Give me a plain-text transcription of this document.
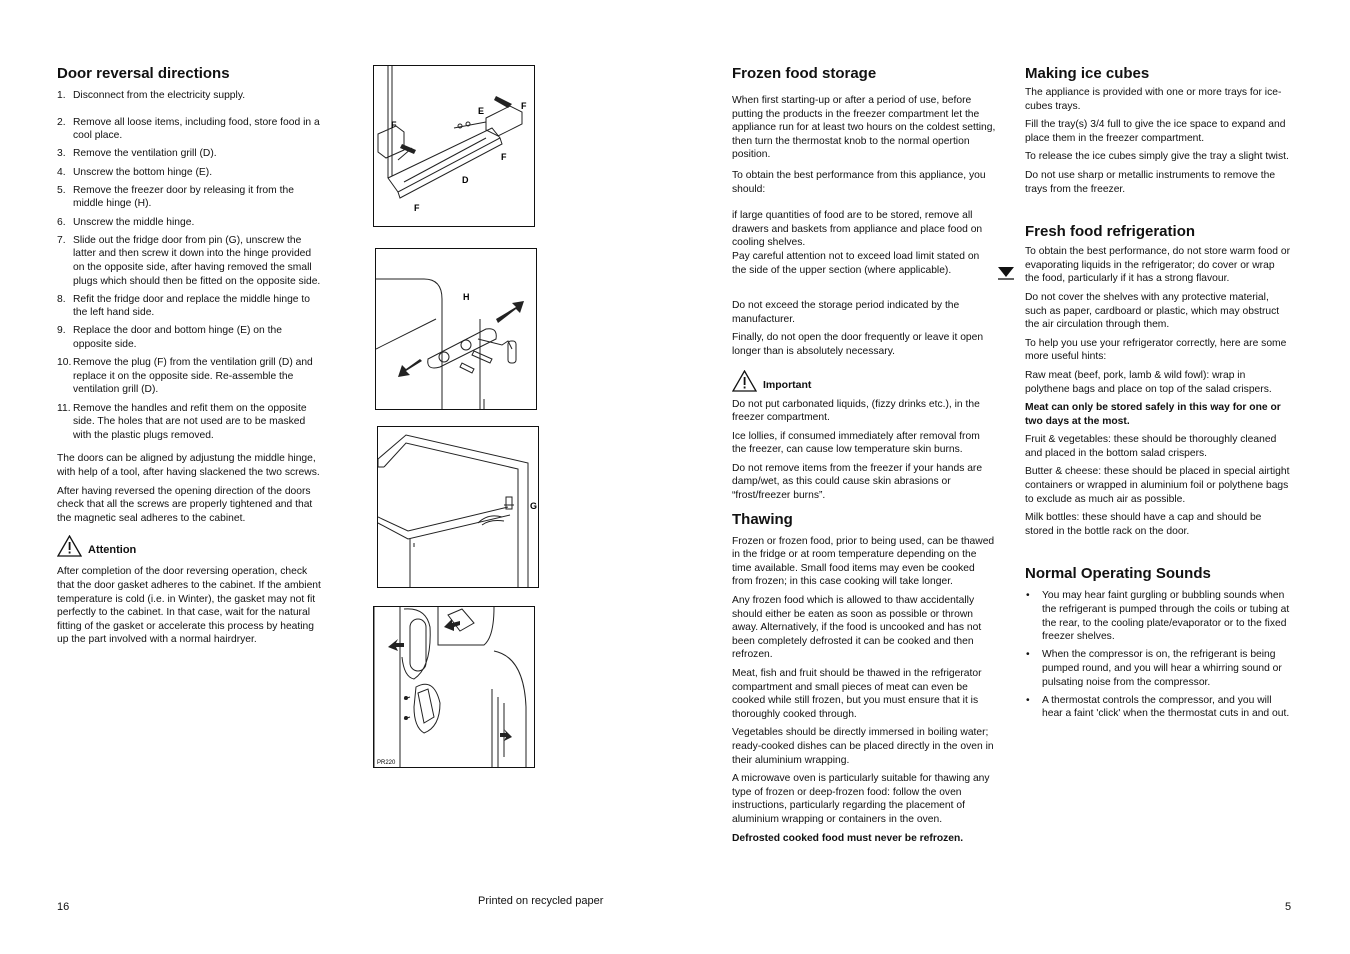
Door reversal directions
1. Disconnect from the electricity supply.
2. Remove all loose items, including food, store food in a cool place.
3. Remove the ventilation grill (D).
4. Unscrew the bottom hinge (E).
5. Remove the freezer door by releasing it from the middle hinge (H).
6. Unscrew the middle hinge.
7. Slide out the fridge door from pin (G), unscrew the latter and then screw it down into the hinge provided on the opposite side, after having removed the small plugs which should then be fitted on the opposite side.
8. Refit the fridge door and replace the middle hinge to the left hand side.
9. Replace the door and bottom hinge (E) on the opposite side.
10. Remove the plug (F) from the ventilation grill (D) and replace it on the opposite side. Re-assemble the ventilation grill (D).
11. Remove the handles and refit them on the opposite side. The holes that are not used are to be masked with the plastic plugs removed.

The doors can be aligned by adjustung the middle hinge, with help of a tool, after having slackened the two screws.

After having reversed the opening direction of the doors check that all the screws are properly tightened and that the magnetic seal adheres to the cabinet.

Attention

After completion of the door reversing operation, check that the door gasket adheres to the cabinet. If the ambient temperature is cold (i.e. in Winter), the gasket may not fit perfectly to the cabinet. In that case, wait for the natural fitting of the gasket or accelerate this process by heating up the part involved with a normal hairdryer.

E	F
F
F
D
F
H
G
PR220
16	Printed on recycled paper	5
Frozen food storage

When first starting-up or after a period of use, before putting the products in the freezer compartment let the appliance run for at least two hours on the coldest setting, then turn the thermostat knob to the normal opertion position.

To obtain the best performance from this appliance, you should:

if large quantities of food are to be stored, remove all drawers and baskets from appliance and place food on cooling shelves.

Pay careful attention not to exceed load limit stated on the side of the upper section (where applicable).

Do not exceed the storage period indicated by the manufacturer.

Finally, do not open the door frequently or leave it open longer than is absolutely necessary.

Important

Do not put carbonated liquids, (fizzy drinks etc.), in the freezer compartment.

Ice lollies, if consumed immediately after removal from the freezer, can cause low temperature skin burns.

Do not remove items from the freezer if your hands are damp/wet, as this could cause skin abrasions or “frost/freezer burns”.

Thawing

Frozen or frozen food, prior to being used, can be thawed in the fridge or at room temperature depending on the time available. Small food items may even be cooked from frozen; in this case cooking will take longer.

Any frozen food which is allowed to thaw accidentally should either be eaten as soon as possible or thrown away. Alternatively, if the food is uncooked and has not been completely defrosted it can be cooked and then refrozen.

Meat, fish and fruit should be thawed in the refrigerator compartment and small pieces of meat can even be cooked while still frozen, but you must ensure that it is thoroughly cooked through.

Vegetables should be directly immersed in boiling water; ready-cooked dishes can be placed directly in the oven in their aluminium wrapping.

A microwave oven is particularly suitable for thawing any type of frozen or deep-frozen food: follow the oven instructions, particularly regarding the placement of aluminium wrapping or containers in the oven.

Defrosted cooked food must never be refrozen.

Making ice cubes

The appliance is provided with one or more trays for ice-cubes trays.

Fill the tray(s) 3/4 full to give the ice space to expand and place them in the freezer compartment.

To release the ice cubes simply give the tray a slight twist.

Do not use sharp or metallic instruments to remove the trays from the freezer.

Fresh food refrigeration

To obtain the best performance, do not store warm food or evaporating liquids in the refrigerator; do cover or wrap the food, particularly if it has a strong flavour.

Do not cover the shelves with any protective material, such as paper, cardboard or plastic, which may obstruct the air circulation through them.

To help you use your refrigerator correctly, here are some more useful hints:

Raw meat (beef, pork, lamb & wild fowl): wrap in polythene bags and place on top of the salad crispers.

Meat can only be stored safely in this way for one or two days at the most.

Fruit & vegetables: these should be thoroughly cleaned and placed in the bottom salad crispers.

Butter & cheese: these should be placed in special airtight containers or wrapped in aluminium foil or polythene bags to exclude as much air as possible.

Milk bottles: these should have a cap and should be stored in the bottle rack on the door.

Normal Operating Sounds
•	You may hear faint gurgling or bubbling sounds when the refrigerant is pumped through the coils or tubing at the rear, to the cooling plate/evaporator or to the fixed freezer shelves.
•	When the compressor is on, the refrigerant is being pumped round, and you will hear a whirring sound or pulsating noise from the compressor.
•	A thermostat controls the compressor, and you will hear a faint 'click' when the thermostat cuts in and out.
